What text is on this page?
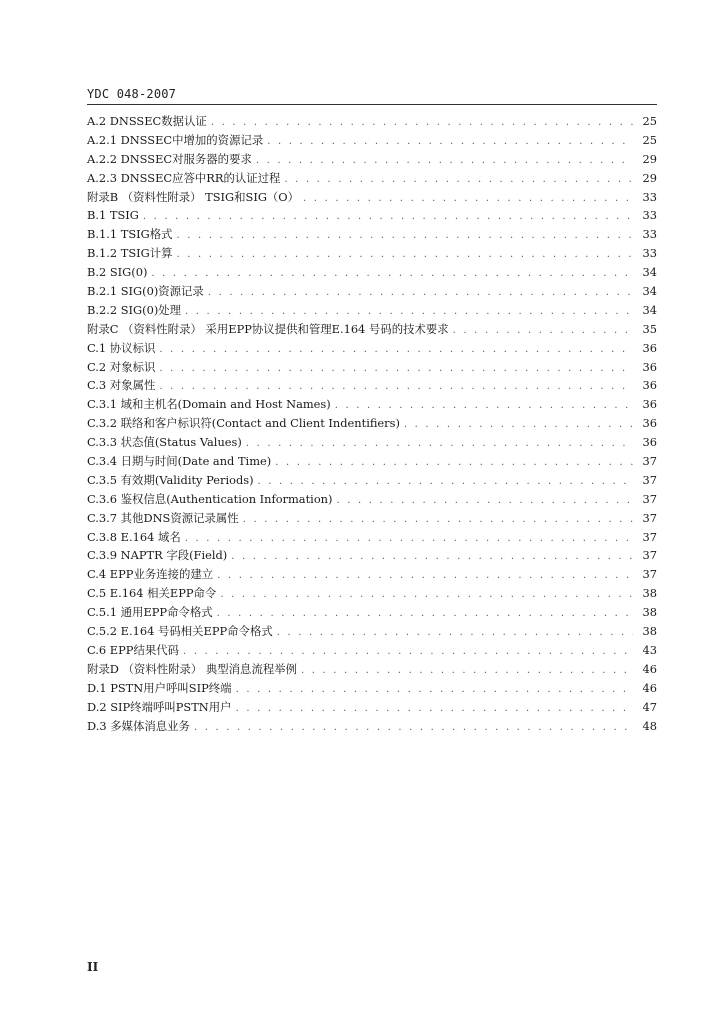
YDC 048-2007
A.2 DNSSEC数据认证 . . .	25
A.2.1 DNSSEC中增加的资源记录 . . .	25
A.2.2 DNSSEC对服务器的要求 . . .	29
A.2.3 DNSSEC应答中RR的认证过程 . . .	29
附录B （资料性附录） TSIG和SIG（O） . . .	33
B.1 TSIG . . .	33
B.1.1 TSIG格式 . . .	33
B.1.2 TSIG计算 . . .	33
B.2 SIG(0) . . .	34
B.2.1 SIG(0)资源记录 . . .	34
B.2.2 SIG(0)处理 . . .	34
附录C （资料性附录） 采用EPP协议提供和管理E.164 号码的技术要求 . . .	35
C.1 协议标识 . . .	36
C.2 对象标识 . . .	36
C.3 对象属性 . . .	36
C.3.1 域和主机名(Domain and Host Names) . . .	36
C.3.2 联络和客户标识符(Contact and Client Indentifiers) . . .	36
C.3.3 状态值(Status Values) . . .	36
C.3.4 日期与时间(Date and Time) . . .	37
C.3.5 有效期(Validity Periods) . . .	37
C.3.6 鉴权信息(Authentication Information) . . .	37
C.3.7 其他DNS资源记录属性 . . .	37
C.3.8 E.164 域名 . . .	37
C.3.9 NAPTR 字段(Field) . . .	37
C.4 EPP业务连接的建立 . . .	37
C.5 E.164 相关EPP命令 . . .	38
C.5.1 通用EPP命令格式 . . .	38
C.5.2 E.164 号码相关EPP命令格式 . . .	38
C.6 EPP结果代码 . . .	43
附录D （资料性附录） 典型消息流程举例 . . .	46
D.1 PSTN用户呼叫SIP终端 . . .	46
D.2 SIP终端呼叫PSTN用户 . . .	47
D.3 多媒体消息业务 . . .	48
II
